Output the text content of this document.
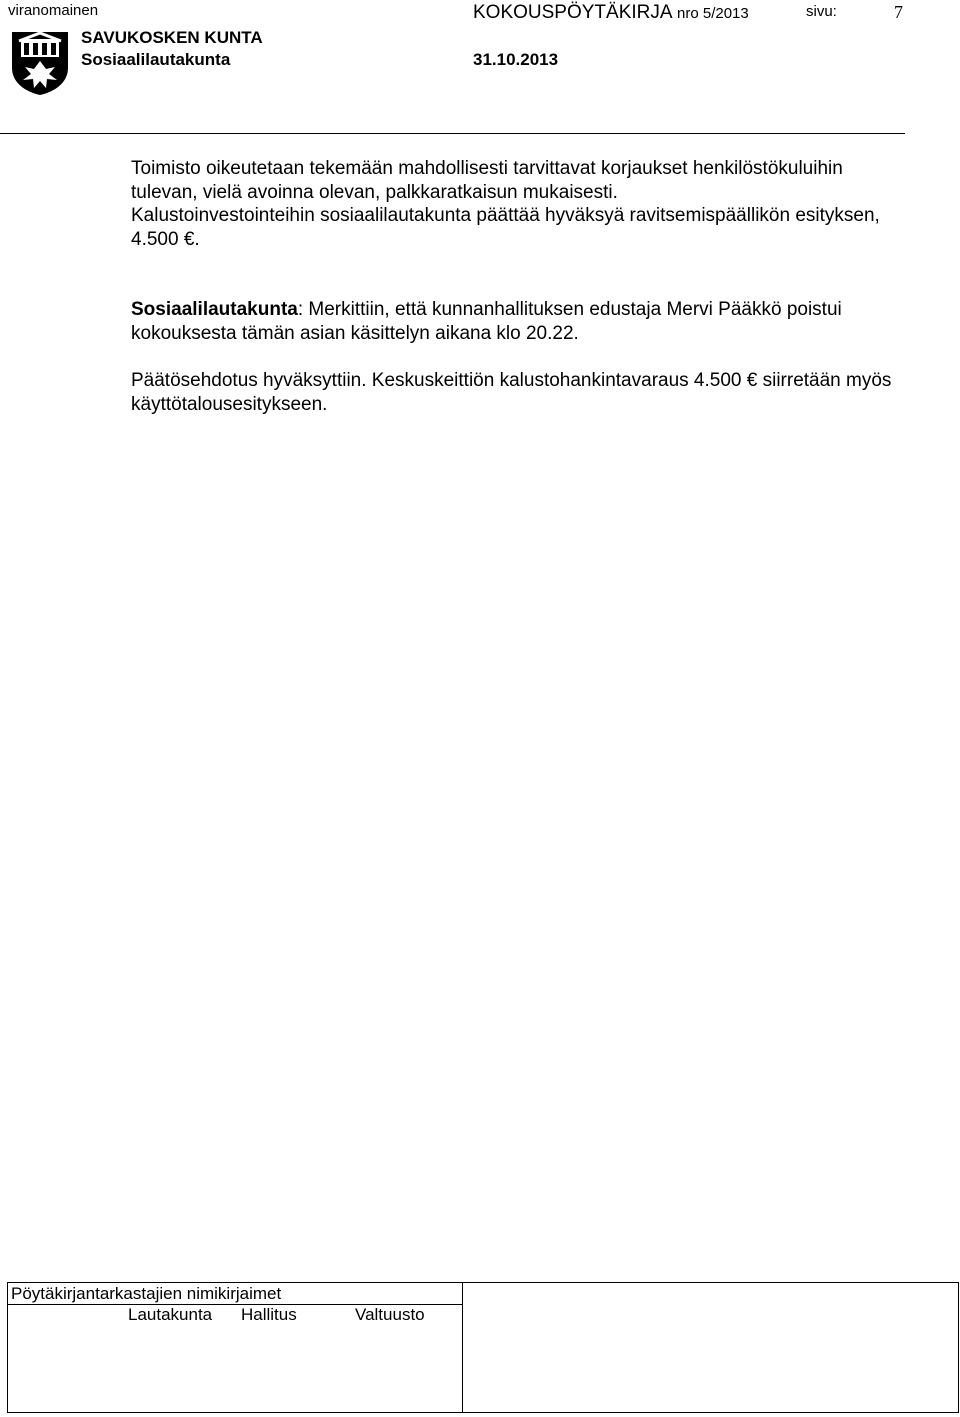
viranomainen	KOKOUSPÖYTÄKIRJA nro 5/2013	sivu:	7
SAVUKOSKEN KUNTA
Sosiaalilautakunta	31.10.2013
Toimisto oikeutetaan tekemään mahdollisesti tarvittavat korjaukset henkilöstökuluihin tulevan, vielä avoinna olevan, palkkaratkaisun mukaisesti.
Kalustoinvestointeihin sosiaalilautakunta päättää hyväksyä ravitsemispäällikön esityksen, 4.500 €.
Sosiaalilautakunta: Merkittiin, että kunnanhallituksen edustaja Mervi Pääkkö poistui kokouksesta tämän asian käsittelyn aikana klo 20.22.
Päätösehdotus hyväksyttiin. Keskuskeittiön kalustohankintavaraus 4.500 € siirretään myös käyttötalousesitykseen.
Pöytäkirjantarkastajien nimikirjaimet
Lautakunta Hallitus	Valtuusto
